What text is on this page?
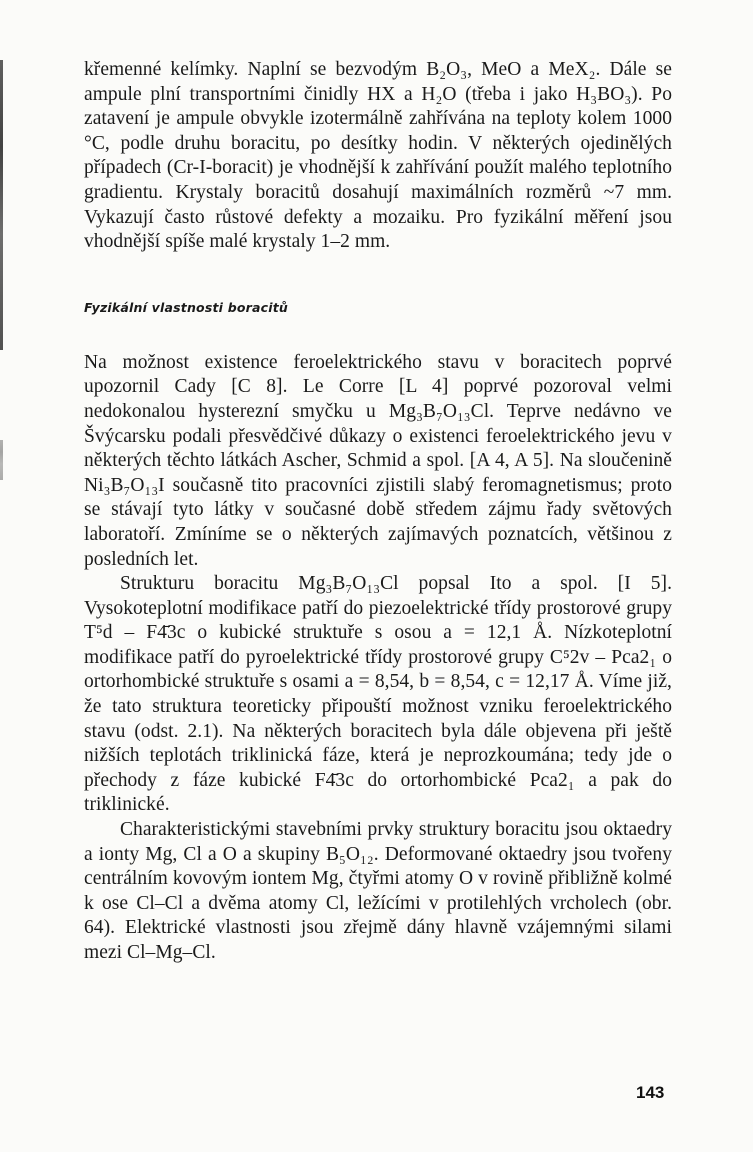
křemenné kelímky. Naplní se bezvodým B₂O₃, MeO a MeX₂. Dále se ampule plní transportními činidly HX a H₂O (třeba i jako H₃BO₃). Po zatavení je ampule obvykle izotermálně zahřívána na teploty kolem 1000 °C, podle druhu boracitu, po desítky hodin. V některých ojedinělých případech (Cr-I-boracit) je vhodnější k zahřívání použít malého teplotního gradientu. Krystaly boracitů dosahují maximálních rozměrů ~7 mm. Vykazují často růstové defekty a mozaiku. Pro fyzikální měření jsou vhodnější spíše malé krystaly 1–2 mm.

Fyzikální vlastnosti boracitů

Na možnost existence feroelektrického stavu v boracitech poprvé upozornil Cady [C 8]. Le Corre [L 4] poprvé pozoroval velmi nedokonalou hysterezní smyčku u Mg₃B₇O₁₃Cl. Teprve nedávno ve Švýcarsku podali přesvědčivé důkazy o existenci feroelektrického jevu v některých těchto látkách Ascher, Schmid a spol. [A 4, A 5]. Na sloučenině Ni₃B₇O₁₃I současně tito pracovníci zjistili slabý feromagnetismus; proto se stávají tyto látky v současné době středem zájmu řady světových laboratoří. Zmíníme se o některých zajímavých poznatcích, většinou z posledních let.

Strukturu boracitu Mg₃B₇O₁₃Cl popsal Ito a spol. [I 5]. Vysokoteplotní modifikace patří do piezoelektrické třídy prostorové grupy T⁵d – F4̄3c o kubické struktuře s osou a = 12,1 Å. Nízkoteplotní modifikace patří do pyroelektrické třídy prostorové grupy C⁵2v – Pca2₁ o ortorhombické struktuře s osami a = 8,54, b = 8,54, c = 12,17 Å. Víme již, že tato struktura teoreticky připouští možnost vzniku feroelektrického stavu (odst. 2.1). Na některých boracitech byla dále objevena při ještě nižších teplotách triklinická fáze, která je neprozkoumána; tedy jde o přechody z fáze kubické F4̄3c do ortorhombické Pca2₁ a pak do triklinické.

Charakteristickými stavebními prvky struktury boracitu jsou oktaedry a ionty Mg, Cl a O a skupiny B₅O₁₂. Deformované oktaedry jsou tvořeny centrálním kovovým iontem Mg, čtyřmi atomy O v rovině přibližně kolmé k ose Cl–Cl a dvěma atomy Cl, ležícími v protilehlých vrcholech (obr. 64). Elektrické vlastnosti jsou zřejmě dány hlavně vzájemnými silami mezi Cl–Mg–Cl.

143
